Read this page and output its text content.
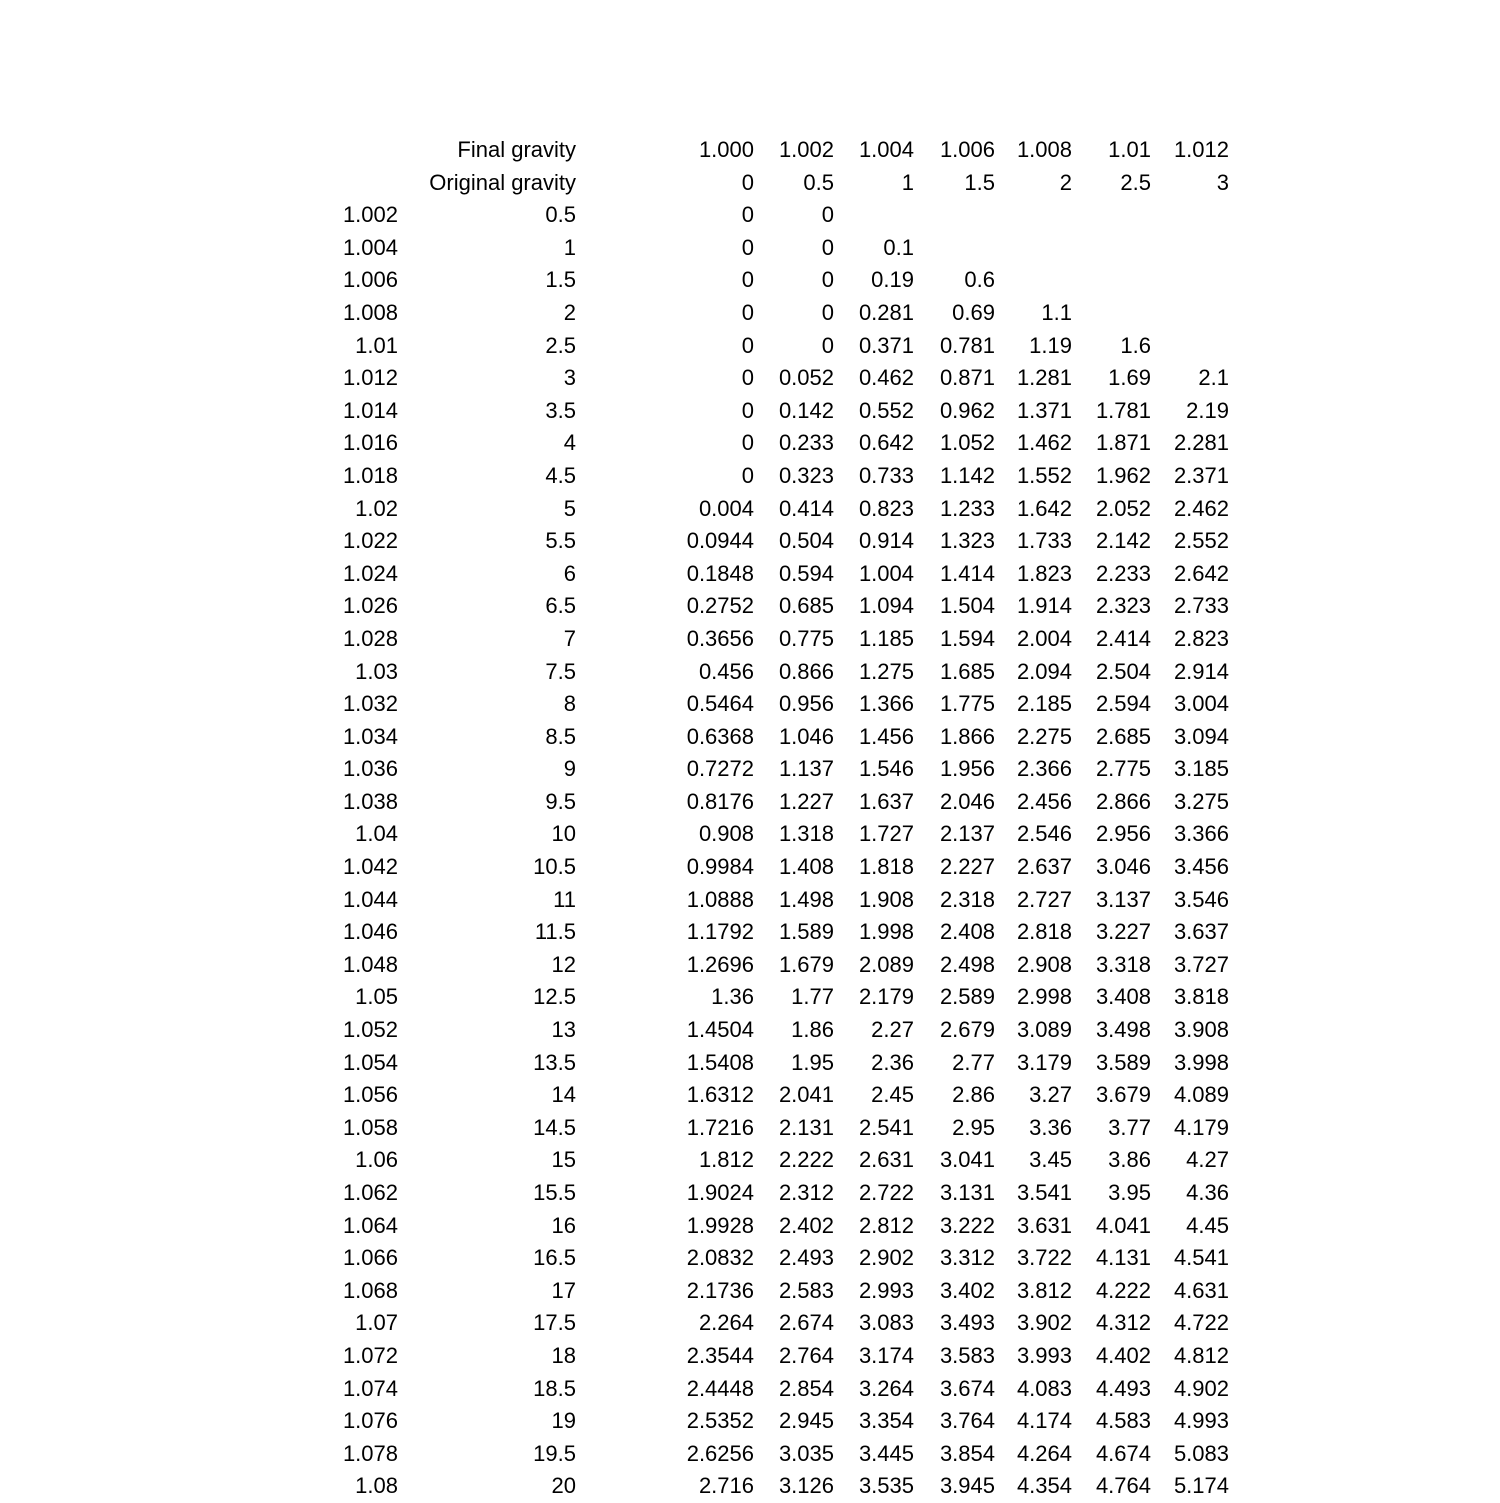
	Final gravity	1.000	1.002	1.004	1.006	1.008	1.01	1.012
	Original gravity	0	0.5	1	1.5	2	2.5	3
1.002	0.5	0	0					
1.004	1	0	0	0.1				
1.006	1.5	0	0	0.19	0.6			
1.008	2	0	0	0.281	0.69	1.1		
1.01	2.5	0	0	0.371	0.781	1.19	1.6	
1.012	3	0	0.052	0.462	0.871	1.281	1.69	2.1
1.014	3.5	0	0.142	0.552	0.962	1.371	1.781	2.19
1.016	4	0	0.233	0.642	1.052	1.462	1.871	2.281
1.018	4.5	0	0.323	0.733	1.142	1.552	1.962	2.371
1.02	5	0.004	0.414	0.823	1.233	1.642	2.052	2.462
1.022	5.5	0.0944	0.504	0.914	1.323	1.733	2.142	2.552
1.024	6	0.1848	0.594	1.004	1.414	1.823	2.233	2.642
1.026	6.5	0.2752	0.685	1.094	1.504	1.914	2.323	2.733
1.028	7	0.3656	0.775	1.185	1.594	2.004	2.414	2.823
1.03	7.5	0.456	0.866	1.275	1.685	2.094	2.504	2.914
1.032	8	0.5464	0.956	1.366	1.775	2.185	2.594	3.004
1.034	8.5	0.6368	1.046	1.456	1.866	2.275	2.685	3.094
1.036	9	0.7272	1.137	1.546	1.956	2.366	2.775	3.185
1.038	9.5	0.8176	1.227	1.637	2.046	2.456	2.866	3.275
1.04	10	0.908	1.318	1.727	2.137	2.546	2.956	3.366
1.042	10.5	0.9984	1.408	1.818	2.227	2.637	3.046	3.456
1.044	11	1.0888	1.498	1.908	2.318	2.727	3.137	3.546
1.046	11.5	1.1792	1.589	1.998	2.408	2.818	3.227	3.637
1.048	12	1.2696	1.679	2.089	2.498	2.908	3.318	3.727
1.05	12.5	1.36	1.77	2.179	2.589	2.998	3.408	3.818
1.052	13	1.4504	1.86	2.27	2.679	3.089	3.498	3.908
1.054	13.5	1.5408	1.95	2.36	2.77	3.179	3.589	3.998
1.056	14	1.6312	2.041	2.45	2.86	3.27	3.679	4.089
1.058	14.5	1.7216	2.131	2.541	2.95	3.36	3.77	4.179
1.06	15	1.812	2.222	2.631	3.041	3.45	3.86	4.27
1.062	15.5	1.9024	2.312	2.722	3.131	3.541	3.95	4.36
1.064	16	1.9928	2.402	2.812	3.222	3.631	4.041	4.45
1.066	16.5	2.0832	2.493	2.902	3.312	3.722	4.131	4.541
1.068	17	2.1736	2.583	2.993	3.402	3.812	4.222	4.631
1.07	17.5	2.264	2.674	3.083	3.493	3.902	4.312	4.722
1.072	18	2.3544	2.764	3.174	3.583	3.993	4.402	4.812
1.074	18.5	2.4448	2.854	3.264	3.674	4.083	4.493	4.902
1.076	19	2.5352	2.945	3.354	3.764	4.174	4.583	4.993
1.078	19.5	2.6256	3.035	3.445	3.854	4.264	4.674	5.083
1.08	20	2.716	3.126	3.535	3.945	4.354	4.764	5.174
